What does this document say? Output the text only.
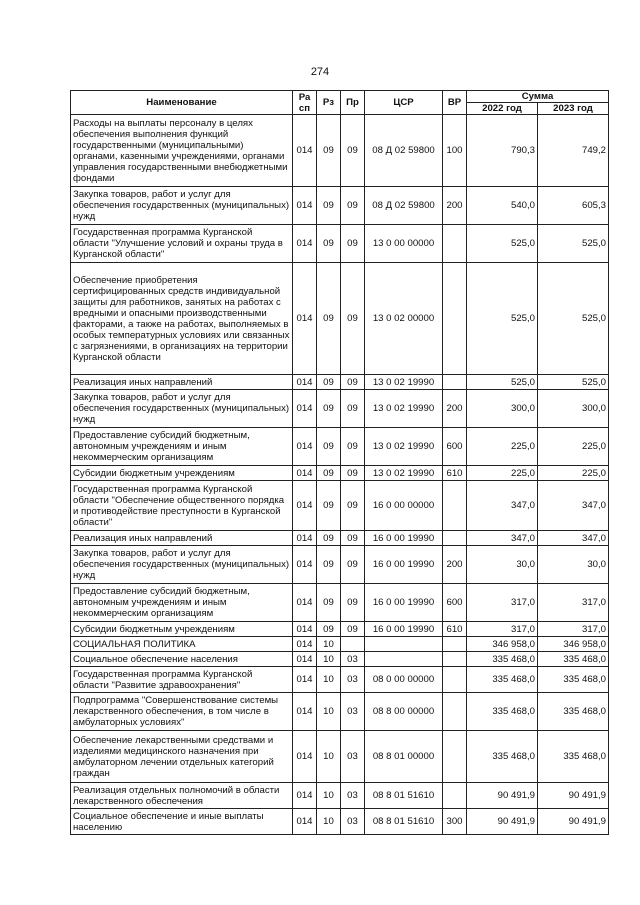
274
Наименование	Ра сп	Рз	Пр	ЦСР	ВР	Сумма	
						2022 год	2023 год
Расходы на выплаты персоналу в целях обеспечения выполнения функций государственными (муниципальными) органами, казенными учреждениями, органами управления государственными внебюджетными фондами	014	09	09	08 Д 02 59800	100	790,3	749,2
Закупка товаров, работ и услуг для обеспечения государственных (муниципальных) нужд	014	09	09	08 Д 02 59800	200	540,0	605,3
Государственная программа Курганской области "Улучшение условий и охраны труда в Курганской области"	014	09	09	13 0 00 00000		525,0	525,0
Обеспечение приобретения сертифицированных средств индивидуальной защиты для работников, занятых на работах с вредными и опасными производственными факторами, а также на работах, выполняемых в особых температурных условиях или связанных с загрязнениями, в организациях на территории Курганской области	014	09	09	13 0 02 00000		525,0	525,0
Реализация иных направлений	014	09	09	13 0 02 19990		525,0	525,0
Закупка товаров, работ и услуг для обеспечения государственных (муниципальных) нужд	014	09	09	13 0 02 19990	200	300,0	300,0
Предоставление субсидий бюджетным, автономным учреждениям и иным некоммерческим организациям	014	09	09	13 0 02 19990	600	225,0	225,0
Субсидии бюджетным учреждениям	014	09	09	13 0 02 19990	610	225,0	225,0
Государственная программа Курганской области "Обеспечение общественного порядка и противодействие преступности в Курганской области"	014	09	09	16 0 00 00000		347,0	347,0
Реализация иных направлений	014	09	09	16 0 00 19990		347,0	347,0
Закупка товаров, работ и услуг для обеспечения государственных (муниципальных) нужд	014	09	09	16 0 00 19990	200	30,0	30,0
Предоставление субсидий бюджетным, автономным учреждениям и иным некоммерческим организациям	014	09	09	16 0 00 19990	600	317,0	317,0
Субсидии бюджетным учреждениям	014	09	09	16 0 00 19990	610	317,0	317,0
СОЦИАЛЬНАЯ ПОЛИТИКА	014	10				346 958,0	346 958,0
Социальное обеспечение населения	014	10	03			335 468,0	335 468,0
Государственная программа Курганской области "Развитие здравоохранения"	014	10	03	08 0 00 00000		335 468,0	335 468,0
Подпрограмма "Совершенствование системы лекарственного обеспечения, в том числе в амбулаторных условиях"	014	10	03	08 8 00 00000		335 468,0	335 468,0
Обеспечение лекарственными средствами и изделиями медицинского назначения при амбулаторном лечении отдельных категорий граждан	014	10	03	08 8 01 00000		335 468,0	335 468,0
Реализация отдельных полномочий в области лекарственного обеспечения	014	10	03	08 8 01 51610		90 491,9	90 491,9
Социальное обеспечение и иные выплаты населению	014	10	03	08 8 01 51610	300	90 491,9	90 491,9
